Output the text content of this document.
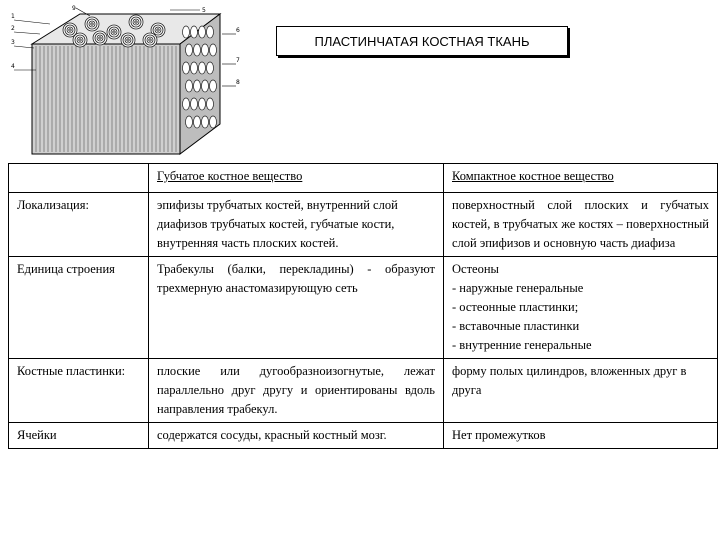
1
2
3
4
5
6
7
8
9
ПЛАСТИНЧАТАЯ КОСТНАЯ ТКАНЬ
	Губчатое костное вещество	Компактное костное вещество
Локализация:	эпифизы трубчатых костей, внутренний слой диафизов трубчатых костей, губчатые кости, внутренняя часть плоских костей.	поверхностный слой плоских и губчатых костей, в трубчатых же костях – поверхностный слой эпифизов и основную часть диафиза
Единица строения	Трабекулы (балки, перекладины) - образуют трехмерную анастомазирующую сеть	Остеоны
- наружные генеральные
- остеонные пластинки;
- вставочные пластинки
- внутренние генеральные

Костные пластинки:	плоские или дугообразноизогнутые, лежат параллельно друг другу и ориентированы вдоль направления трабекул.	форму полых цилиндров, вложенных друг в друга
Ячейки	содержатся сосуды, красный костный мозг.	Нет промежутков
